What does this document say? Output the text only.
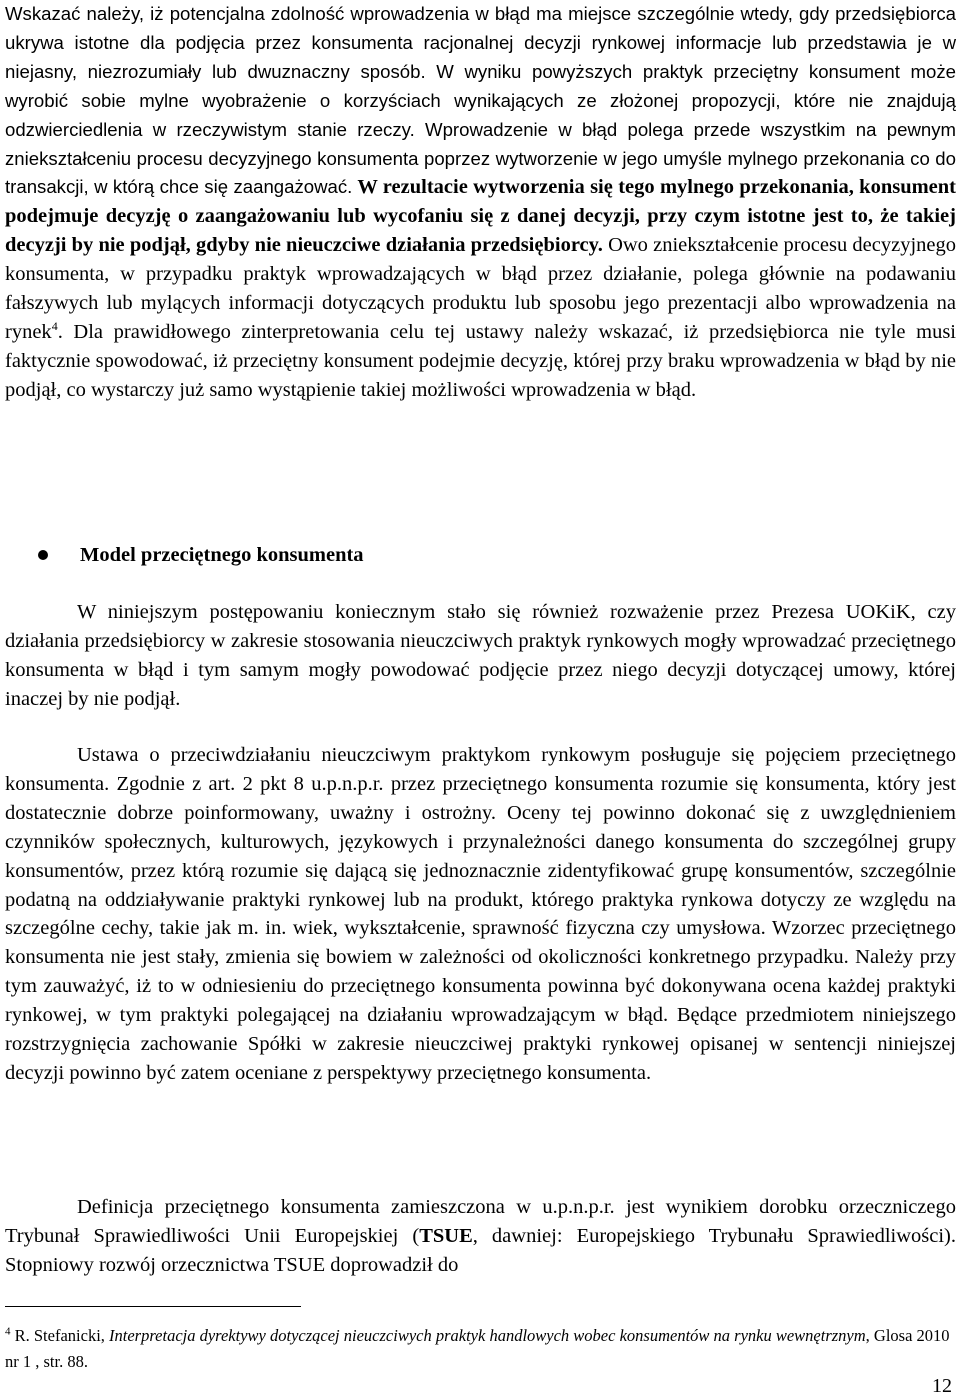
Wskazać należy, iż potencjalna zdolność wprowadzenia w błąd ma miejsce szczególnie wtedy, gdy przedsiębiorca ukrywa istotne dla podjęcia przez konsumenta racjonalnej decyzji rynkowej informacje lub przedstawia je w niejasny, niezrozumiały lub dwuznaczny sposób. W wyniku powyższych praktyk przeciętny konsument może wyrobić sobie mylne wyobrażenie o korzyściach wynikających ze złożonej propozycji, które nie znajdują odzwierciedlenia w rzeczywistym stanie rzeczy. Wprowadzenie w błąd polega przede wszystkim na pewnym zniekształceniu procesu decyzyjnego konsumenta poprzez wytworzenie w jego umyśle mylnego przekonania co do transakcji, w którą chce się zaangażować. W rezultacie wytworzenia się tego mylnego przekonania, konsument podejmuje decyzję o zaangażowaniu lub wycofaniu się z danej decyzji, przy czym istotne jest to, że takiej decyzji by nie podjął, gdyby nie nieuczciwe działania przedsiębiorcy. Owo zniekształcenie procesu decyzyjnego konsumenta, w przypadku praktyk wprowadzających w błąd przez działanie, polega głównie na podawaniu fałszywych lub mylących informacji dotyczących produktu lub sposobu jego prezentacji albo wprowadzenia na rynek$^4$. Dla prawidłowego zinterpretowania celu tej ustawy należy wskazać, iż przedsiębiorca nie tyle musi faktycznie spowodować, iż przeciętny konsument podejmie decyzję, której przy braku wprowadzenia w błąd by nie podjął, co wystarczy już samo wystąpienie takiej możliwości wprowadzenia w błąd.

Model przeciętnego konsumenta

W niniejszym postępowaniu koniecznym stało się również rozważenie przez Prezesa UOKiK, czy działania przedsiębiorcy w zakresie stosowania nieuczciwych praktyk rynkowych mogły wprowadzać przeciętnego konsumenta w błąd i tym samym mogły powodować podjęcie przez niego decyzji dotyczącej umowy, której inaczej by nie podjął.

Ustawa o przeciwdziałaniu nieuczciwym praktykom rynkowym posługuje się pojęciem przeciętnego konsumenta. Zgodnie z art. 2 pkt 8 u.p.n.p.r. przez przeciętnego konsumenta rozumie się konsumenta, który jest dostatecznie dobrze poinformowany, uważny i ostrożny. Oceny tej powinno dokonać się z uwzględnieniem czynników społecznych, kulturowych, językowych i przynależności danego konsumenta do szczególnej grupy konsumentów, przez którą rozumie się dającą się jednoznacznie zidentyfikować grupę konsumentów, szczególnie podatną na oddziaływanie praktyki rynkowej lub na produkt, którego praktyka rynkowa dotyczy ze względu na szczególne cechy, takie jak m. in. wiek, wykształcenie, sprawność fizyczna czy umysłowa. Wzorzec przeciętnego konsumenta nie jest stały, zmienia się bowiem w zależności od okoliczności konkretnego przypadku. Należy przy tym zauważyć, iż to w odniesieniu do przeciętnego konsumenta powinna być dokonywana ocena każdej praktyki rynkowej, w tym praktyki polegającej na działaniu wprowadzającym w błąd. Będące przedmiotem niniejszego rozstrzygnięcia zachowanie Spółki w zakresie nieuczciwej praktyki rynkowej opisanej w sentencji niniejszej decyzji powinno być zatem oceniane z perspektywy przeciętnego konsumenta.

Definicja przeciętnego konsumenta zamieszczona w u.p.n.p.r. jest wynikiem dorobku orzeczniczego Trybunał Sprawiedliwości Unii Europejskiej (TSUE, dawniej: Europejskiego Trybunału Sprawiedliwości). Stopniowy rozwój orzecznictwa TSUE doprowadził do

$^4$ R. Stefanicki, Interpretacja dyrektywy dotyczącej nieuczciwych praktyk handlowych wobec konsumentów na rynku wewnętrznym, Glosa 2010 nr 1 , str. 88.
12
